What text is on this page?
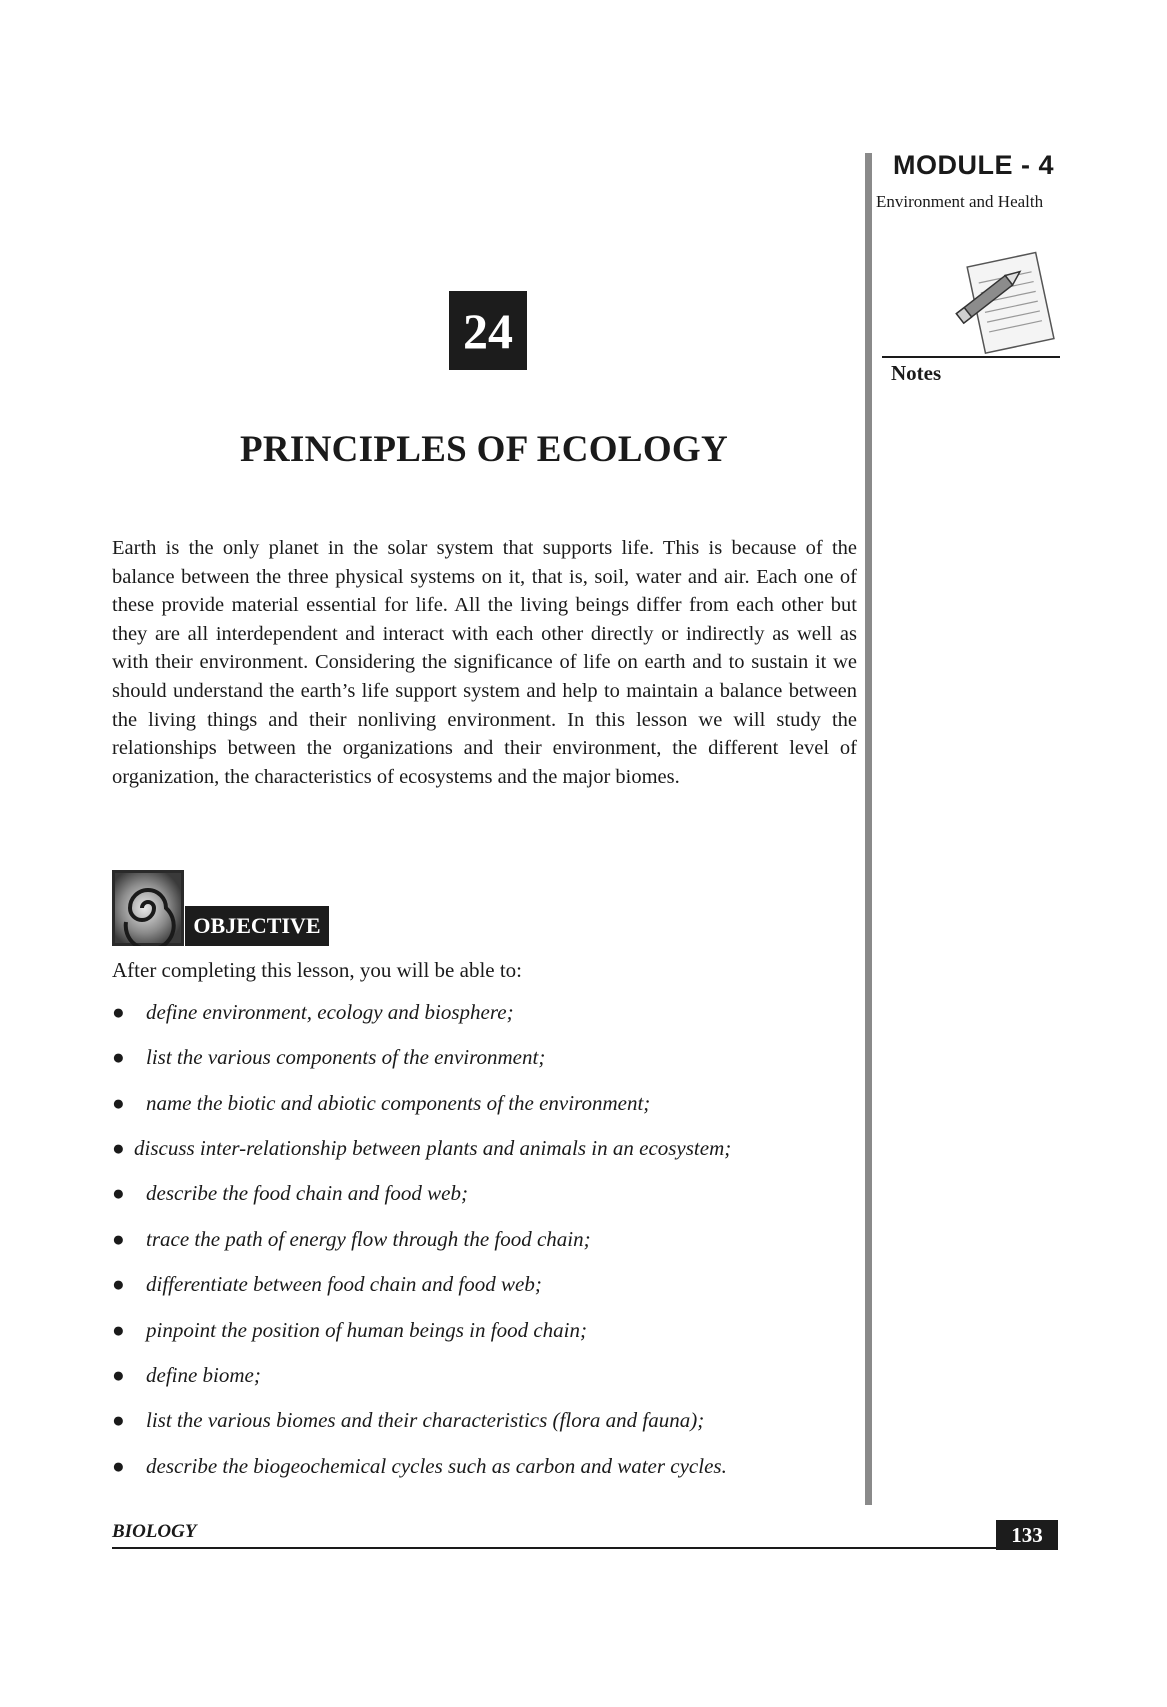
MODULE - 4
Environment and Health
Notes
24
PRINCIPLES OF ECOLOGY

Earth is the only planet in the solar system that supports life. This is because of the balance between the three physical systems on it, that is, soil, water and air. Each one of these provide material essential for life. All the living beings differ from each other but they are all interdependent and interact with each other directly or indirectly as well as with their environment. Considering the significance of life on earth and to sustain it we should understand the earth’s life support system and help to maintain a balance between the living things and their nonliving environment. In this lesson we will study the relationships between the organizations and their environment, the different level of organization, the characteristics of ecosystems and the major biomes.

OBJECTIVE

After completing this lesson, you will be able to:

● define environment, ecology and biosphere;
● list the various components of the environment;
● name the biotic and abiotic components of the environment;
● discuss inter-relationship between plants and animals in an ecosystem;
● describe the food chain and food web;
● trace the path of energy flow through the food chain;
● differentiate between food chain and food web;
● pinpoint the position of human beings in food chain;
● define biome;
● list the various biomes and their characteristics (flora and fauna);
● describe the biogeochemical cycles such as carbon and water cycles.
BIOLOGY	133
